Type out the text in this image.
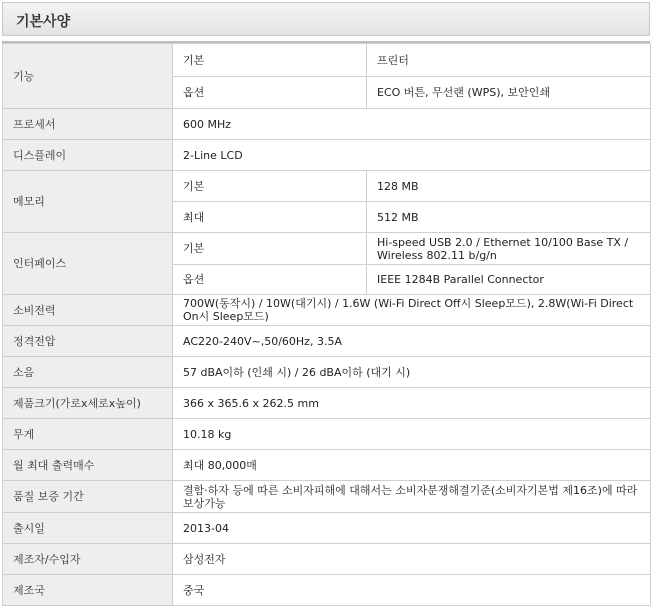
기본사양
기능	기본	프린터
	옵션	ECO 버튼, 무선랜 (WPS), 보안인쇄
프로세서	600 MHz	
디스플레이	2-Line LCD	
메모리	기본	128 MB
	최대	512 MB
인터페이스	기본	Hi-speed USB 2.0 / Ethernet 10/100 Base TX / Wireless 802.11 b/g/n
	옵션	IEEE 1284B Parallel Connector
소비전력	700W(동작시) / 10W(대기시) / 1.6W (Wi-Fi Direct Off시 Sleep모드), 2.8W(Wi-Fi Direct On시 Sleep모드)	
정격전압	AC220-240V~,50/60Hz, 3.5A	
소음	57 dBA이하 (인쇄 시) / 26 dBA이하 (대기 시)	
제품크기(가로x세로x높이)	366 x 365.6 x 262.5 mm	
무게	10.18 kg	
월 최대 출력매수	최대 80,000매	
품질 보증 기간	결함·하자 등에 따른 소비자피해에 대해서는 소비자분쟁해결기준(소비자기본법 제16조)에 따라 보상가능	
출시일	2013-04	
제조자/수입자	삼성전자	
제조국	중국	
